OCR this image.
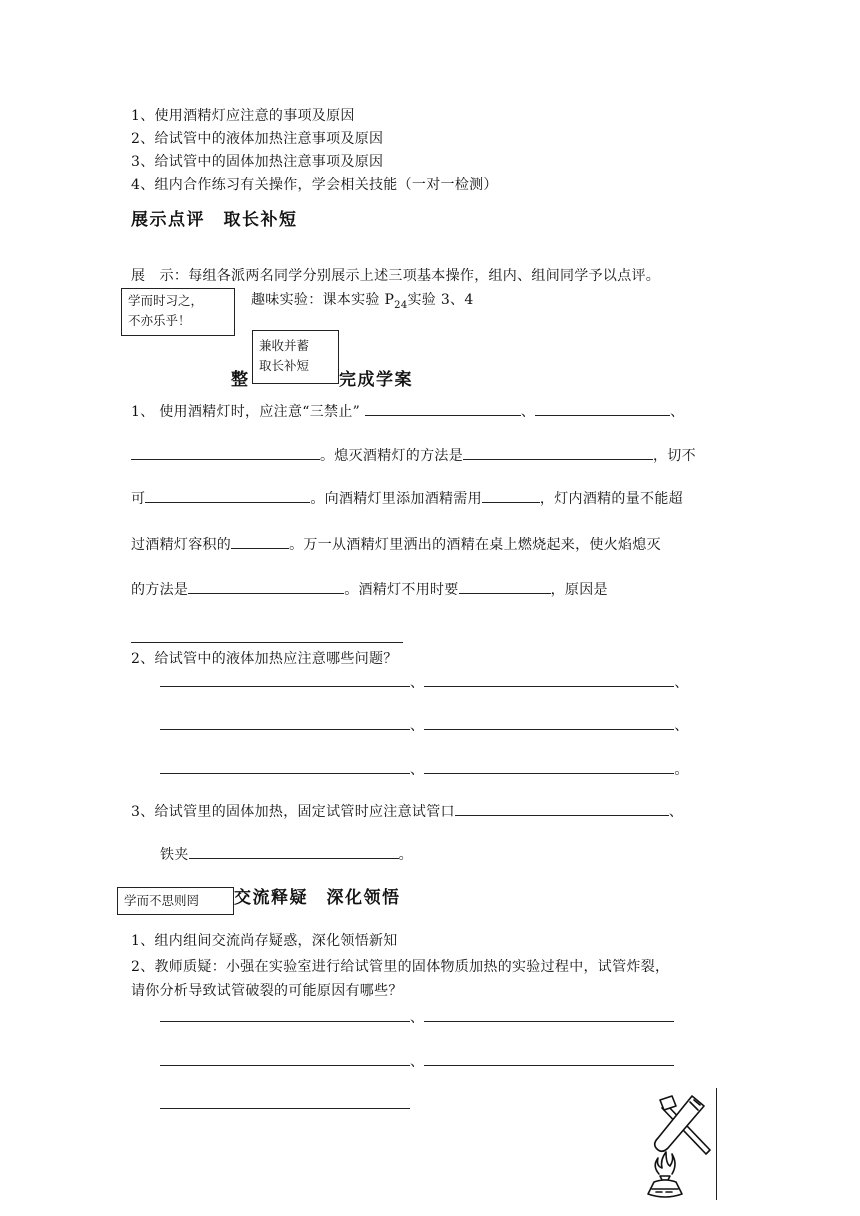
1、使用酒精灯应注意的事项及原因
2、给试管中的液体加热注意事项及原因
3、给试管中的固体加热注意事项及原因
4、组内合作练习有关操作，学会相关技能（一对一检测）
展示点评　取长补短
展　示：每组各派两名同学分别展示上述三项基本操作，组内、组间同学予以点评。
学而时习之，
不亦乐乎！
趣味实验：课本实验 $P_{24}$实验 3、4
整	完成学案
兼收并蓄
取长补短
1、 使用酒精灯时，应注意“三禁止”	、	、
。熄灭酒精灯的方法是	，切不
可	。向酒精灯里添加酒精需用	，灯内酒精的量不能超
过酒精灯容积的	。万一从酒精灯里洒出的酒精在桌上燃烧起来，使火焰熄灭
的方法是	。酒精灯不用时要	，原因是
2、给试管中的液体加热应注意哪些问题？
、	、
、	、
、	。
3、给试管里的固体加热，固定试管时应注意试管口	、
铁夹	。
学而不思则罔	交流释疑　深化领悟
1、组内组间交流尚存疑惑，深化领悟新知
2、教师质疑：小强在实验室进行给试管里的固体物质加热的实验过程中，试管炸裂，
请你分析导致试管破裂的可能原因有哪些？
、
、
